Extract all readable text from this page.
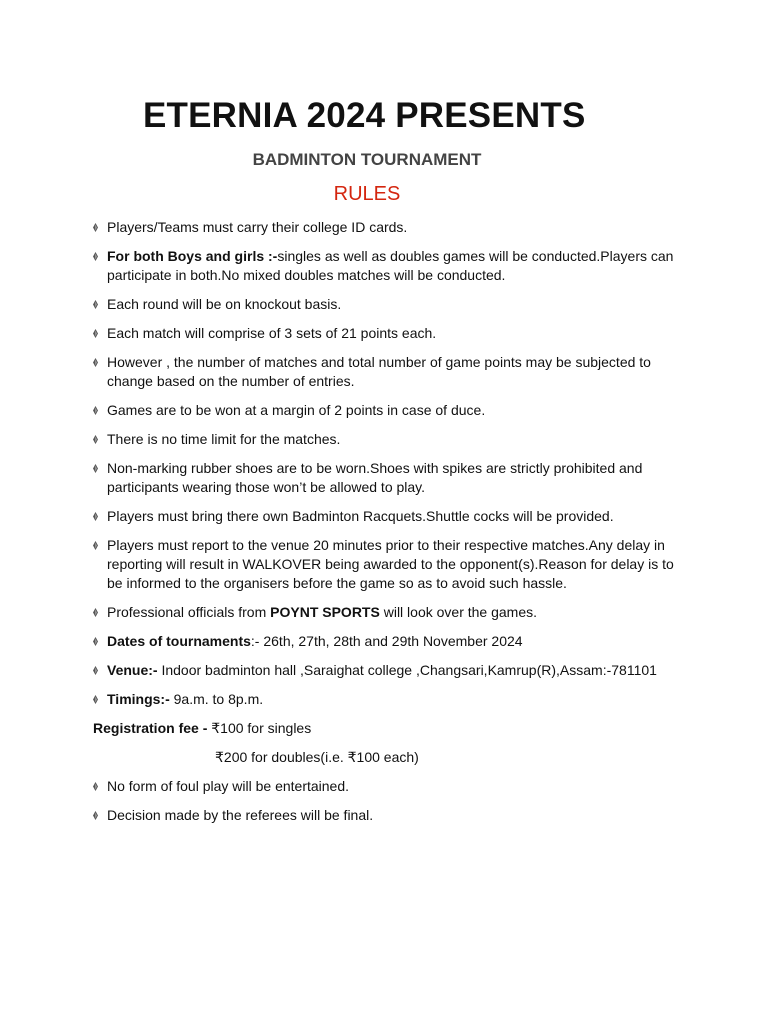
ETERNIA 2024 PRESENTS
BADMINTON TOURNAMENT
RULES
Players/Teams must carry their college ID cards.
For both Boys and girls :-singles as well as doubles games will be conducted.Players can participate in both.No mixed doubles matches will be conducted.
Each round will be on knockout basis.
Each match will comprise of 3 sets of 21 points each.
However , the number of matches and total number of game points may be subjected to change based on the number of entries.
Games are to be won at a margin of 2 points in case of duce.
There is no time limit for the matches.
Non-marking rubber shoes are to be worn.Shoes with spikes are strictly prohibited and participants wearing those won’t be allowed to play.
Players must bring there own Badminton Racquets.Shuttle cocks will be provided.
Players must report to the venue 20 minutes prior to their respective matches.Any delay in reporting will result in WALKOVER being awarded to the opponent(s).Reason for delay is to be informed to the organisers before the game so as to avoid such hassle.
Professional officials from POYNT SPORTS will look over the games.
Dates of tournaments:- 26th, 27th, 28th and 29th November 2024
Venue:- Indoor badminton hall ,Saraighat college ,Changsari,Kamrup(R),Assam:-781101
Timings:- 9a.m. to 8p.m.

Registration fee - ₹100 for singles

₹200 for doubles(i.e. ₹100 each)

No form of foul play will be entertained.
Decision made by the referees will be final.
